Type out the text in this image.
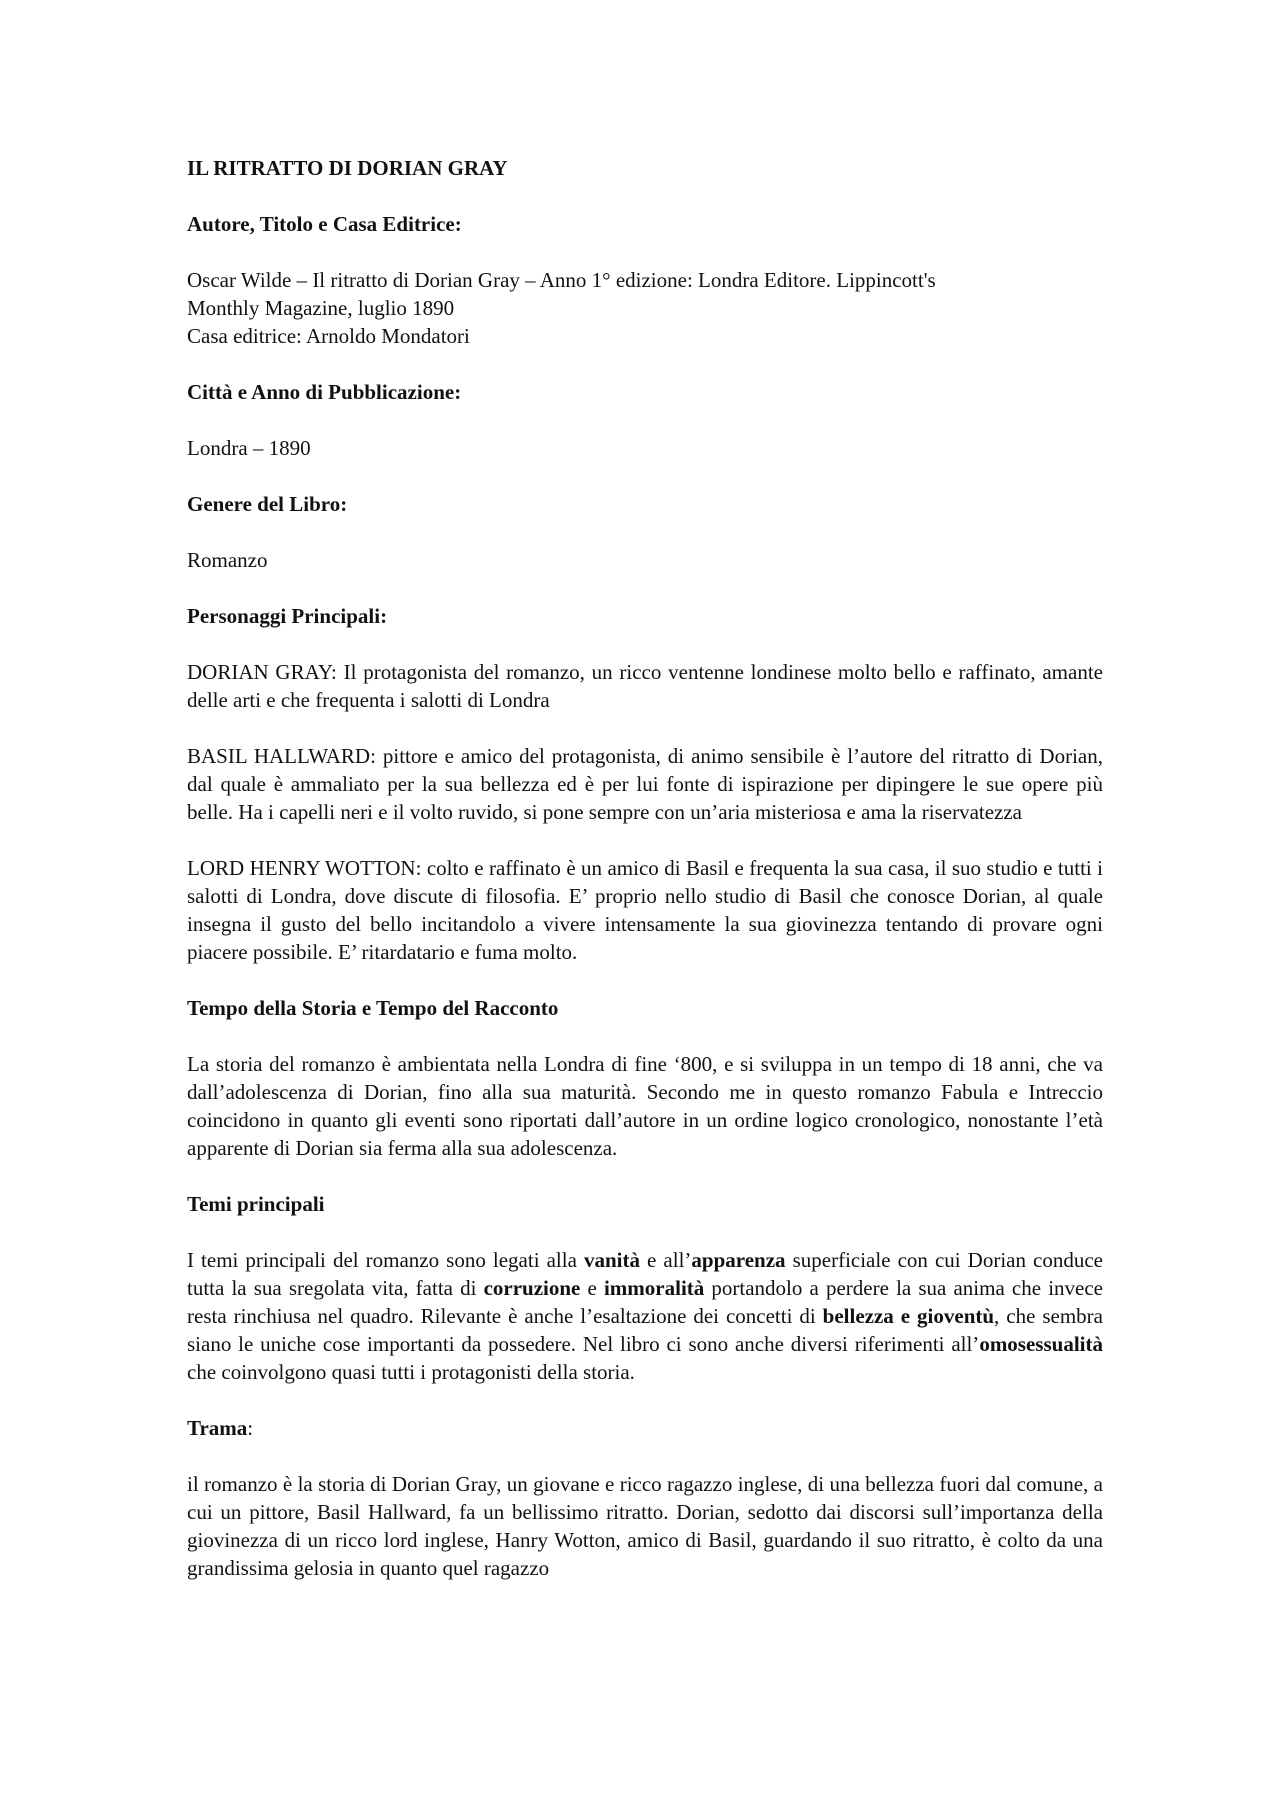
IL RITRATTO DI DORIAN GRAY
Autore, Titolo e Casa Editrice:
Oscar Wilde – Il ritratto di Dorian Gray – Anno 1° edizione: Londra Editore. Lippincott's
Monthly Magazine, luglio 1890
Casa editrice: Arnoldo Mondatori
Città e Anno di Pubblicazione:
Londra – 1890
Genere del Libro:
Romanzo
Personaggi Principali:
DORIAN GRAY: Il protagonista del romanzo, un ricco ventenne londinese molto bello e raffinato, amante delle arti e che frequenta i salotti di Londra
BASIL HALLWARD: pittore e amico del protagonista, di animo sensibile è l’autore del ritratto di Dorian, dal quale è ammaliato per la sua bellezza ed è per lui fonte di ispirazione per dipingere le sue opere più belle. Ha i capelli neri e il volto ruvido, si pone sempre con un’aria misteriosa e ama la riservatezza
LORD HENRY WOTTON: colto e raffinato è un amico di Basil e frequenta la sua casa, il suo studio e tutti i salotti di Londra, dove discute di filosofia. E’ proprio nello studio di Basil che conosce Dorian, al quale insegna il gusto del bello incitandolo a vivere intensamente la sua giovinezza tentando di provare ogni piacere possibile. E’ ritardatario e fuma molto.
Tempo della Storia e Tempo del Racconto
La storia del romanzo è ambientata nella Londra di fine ‘800, e si sviluppa in un tempo di 18 anni, che va dall’adolescenza di Dorian, fino alla sua maturità. Secondo me in questo romanzo Fabula e Intreccio coincidono in quanto gli eventi sono riportati dall’autore in un ordine logico cronologico, nonostante l’età apparente di Dorian sia ferma alla sua adolescenza.
Temi principali
I temi principali del romanzo sono legati alla vanità e all’apparenza superficiale con cui Dorian conduce tutta la sua sregolata vita, fatta di corruzione e immoralità portandolo a perdere la sua anima che invece resta rinchiusa nel quadro. Rilevante è anche l’esaltazione dei concetti di bellezza e gioventù, che sembra siano le uniche cose importanti da possedere. Nel libro ci sono anche diversi riferimenti all’omosessualità che coinvolgono quasi tutti i protagonisti della storia.
Trama:
il romanzo è la storia di Dorian Gray, un giovane e ricco ragazzo inglese, di una bellezza fuori dal comune, a cui un pittore, Basil Hallward, fa un bellissimo ritratto. Dorian, sedotto dai discorsi sull’importanza della giovinezza di un ricco lord inglese, Hanry Wotton, amico di Basil, guardando il suo ritratto, è colto da una grandissima gelosia in quanto quel ragazzo
